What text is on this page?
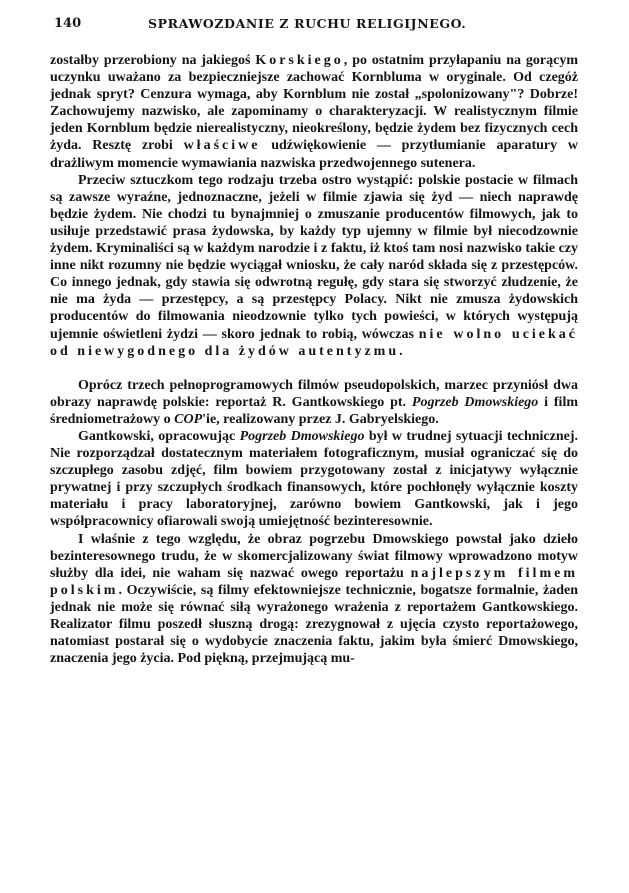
140	SPRAWOZDANIE Z RUCHU RELIGIJNEGO.

zostałby przerobiony na jakiegoś Korskiego, po ostatnim przyłapaniu na gorącym uczynku uważano za bezpieczniejsze zachować Kornbluma w oryginale. Od czegóż jednak spryt? Cenzura wymaga, aby Kornblum nie został „spolonizowany"? Dobrze! Zachowujemy nazwisko, ale zapominamy o charakteryzacji. W realistycznym filmie jeden Kornblum będzie nierealistyczny, nieokreślony, będzie żydem bez fizycznych cech żyda. Resztę zrobi właściwe udźwiękowienie — przytłumianie aparatury w drażliwym momencie wymawiania nazwiska przedwojennego sutenera.

Przeciw sztuczkom tego rodzaju trzeba ostro wystąpić: polskie postacie w filmach są zawsze wyraźne, jednoznaczne, jeżeli w filmie zjawia się żyd — niech naprawdę będzie żydem. Nie chodzi tu bynajmniej o zmuszanie producentów filmowych, jak to usiłuje przedstawić prasa żydowska, by każdy typ ujemny w filmie był niecodzownie żydem. Kryminaliści są w każdym narodzie i z faktu, iż ktoś tam nosi nazwisko takie czy inne nikt rozumny nie będzie wyciągał wniosku, że cały naród składa się z przestępców. Co innego jednak, gdy stawia się odwrotną regułę, gdy stara się stworzyć złudzenie, że nie ma żyda — przestępcy, a są przestępcy Polacy. Nikt nie zmusza żydowskich producentów do filmowania nieodzownie tylko tych powieści, w których występują ujemnie oświetleni żydzi — skoro jednak to robią, wówczas nie wolno uciekać od niewygodnego dla żydów autentyzmu.

Oprócz trzech pełnoprogramowych filmów pseudopolskich, marzec przyniósł dwa obrazy naprawdę polskie: reportaż R. Gantkowskiego pt. Pogrzeb Dmowskiego i film średniometrażowy o COP'ie, realizowany przez J. Gabryelskiego.

Gantkowski, opracowując Pogrzeb Dmowskiego był w trudnej sytuacji technicznej. Nie rozporządzał dostatecznym materiałem fotograficznym, musiał ograniczać się do szczupłego zasobu zdjęć, film bowiem przygotowany został z inicjatywy wyłącznie prywatnej i przy szczupłych środkach finansowych, które pochłonęły wyłącznie koszty materiału i pracy laboratoryjnej, zarówno bowiem Gantkowski, jak i jego współpracownicy ofiarowali swoją umiejętność bezinteresownie.

I właśnie z tego względu, że obraz pogrzebu Dmowskiego powstał jako dzieło bezinteresownego trudu, że w skomercjalizowany świat filmowy wprowadzono motyw służby dla idei, nie waham się nazwać owego reportażu najlepszym filmem polskim. Oczywiście, są filmy efektowniejsze technicznie, bogatsze formalnie, żaden jednak nie może się równać siłą wyrażonego wrażenia z reportażem Gantkowskiego. Realizator filmu poszedł słuszną drogą: zrezygnował z ujęcia czysto reportażowego, natomiast postarał się o wydobycie znaczenia faktu, jakim była śmierć Dmowskiego, znaczenia jego życia. Pod piękną, przejmującą mu-
